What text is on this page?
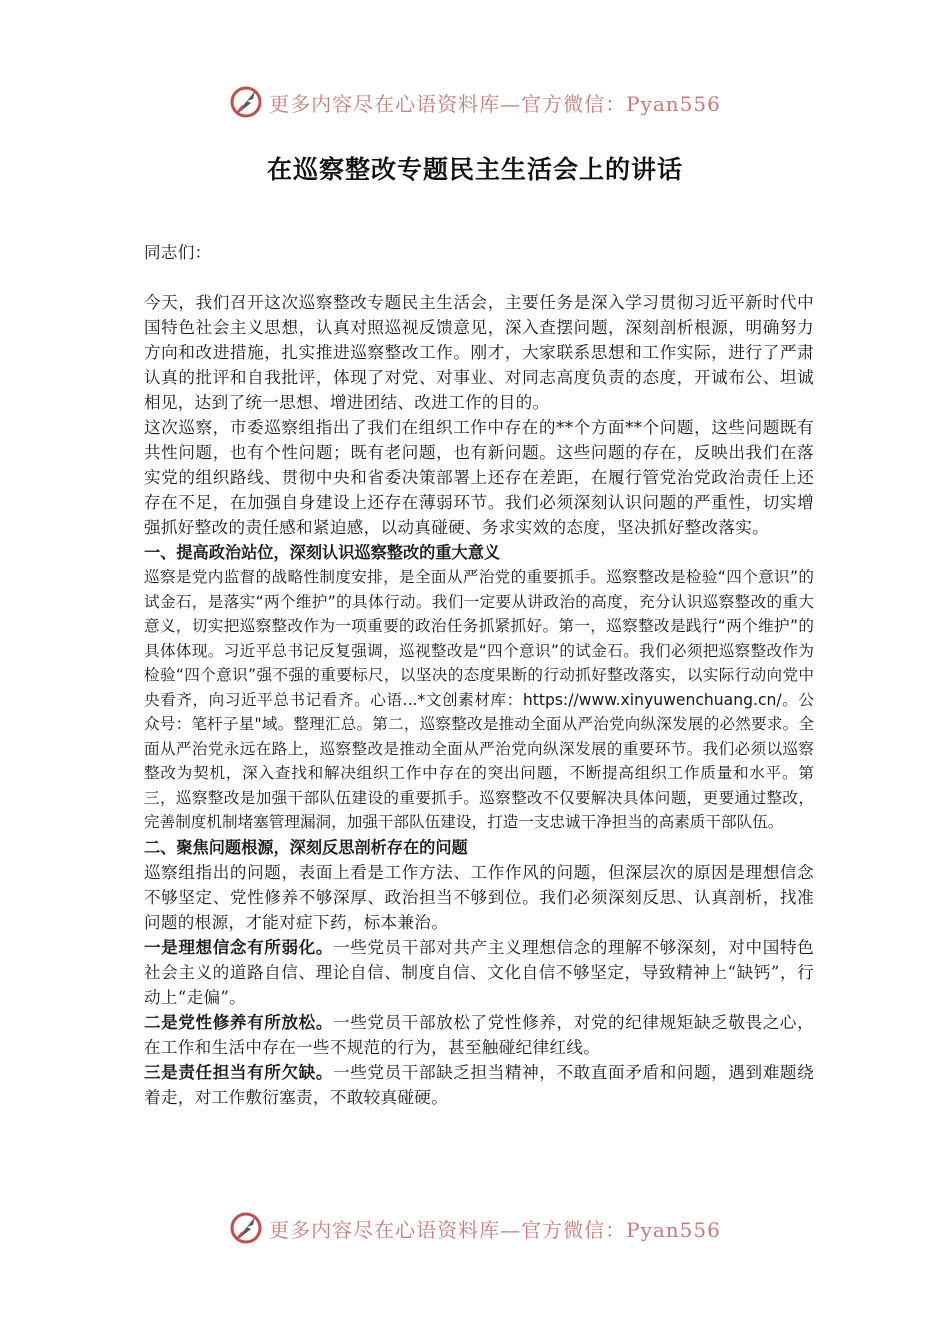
更多内容尽在心语资料库—官方微信：Pyan556
在巡察整改专题民主生活会上的讲话

同志们：

今天，我们召开这次巡察整改专题民主生活会，主要任务是深入学习贯彻习近平新时代中国特色社会主义思想，认真对照巡视反馈意见，深入查摆问题，深刻剖析根源，明确努力方向和改进措施，扎实推进巡察整改工作。刚才，大家联系思想和工作实际，进行了严肃认真的批评和自我批评，体现了对党、对事业、对同志高度负责的态度，开诚布公、坦诚相见，达到了统一思想、增进团结、改进工作的目的。

这次巡察，市委巡察组指出了我们在组织工作中存在的**个方面**个问题，这些问题既有共性问题，也有个性问题；既有老问题，也有新问题。这些问题的存在，反映出我们在落实党的组织路线、贯彻中央和省委决策部署上还存在差距，在履行管党治党政治责任上还存在不足，在加强自身建设上还存在薄弱环节。我们必须深刻认识问题的严重性，切实增强抓好整改的责任感和紧迫感，以动真碰硬、务求实效的态度，坚决抓好整改落实。

一、提高政治站位，深刻认识巡察整改的重大意义

巡察是党内监督的战略性制度安排，是全面从严治党的重要抓手。巡察整改是检验“四个意识”的试金石，是落实“两个维护”的具体行动。我们一定要从讲政治的高度，充分认识巡察整改的重大意义，切实把巡察整改作为一项重要的政治任务抓紧抓好。第一，巡察整改是践行“两个维护”的具体体现。习近平总书记反复强调，巡视整改是“四个意识”的试金石。我们必须把巡察整改作为检验“四个意识”强不强的重要标尺，以坚决的态度果断的行动抓好整改落实，以实际行动向党中央看齐，向习近平总书记看齐。心语...*文创素材库：https://www.xinyuwenchuang.cn/。公众号：笔杆子星"域。整理汇总。第二，巡察整改是推动全面从严治党向纵深发展的必然要求。全面从严治党永远在路上，巡察整改是推动全面从严治党向纵深发展的重要环节。我们必须以巡察整改为契机，深入查找和解决组织工作中存在的突出问题，不断提高组织工作质量和水平。第三，巡察整改是加强干部队伍建设的重要抓手。巡察整改不仅要解决具体问题，更要通过整改，完善制度机制堵塞管理漏洞，加强干部队伍建设，打造一支忠诚干净担当的高素质干部队伍。

二、聚焦问题根源，深刻反思剖析存在的问题

巡察组指出的问题，表面上看是工作方法、工作作风的问题，但深层次的原因是理想信念不够坚定、党性修养不够深厚、政治担当不够到位。我们必须深刻反思、认真剖析，找准问题的根源，才能对症下药，标本兼治。

一是理想信念有所弱化。一些党员干部对共产主义理想信念的理解不够深刻，对中国特色社会主义的道路自信、理论自信、制度自信、文化自信不够坚定，导致精神上“缺钙”，行动上“走偏”。

二是党性修养有所放松。一些党员干部放松了党性修养，对党的纪律规矩缺乏敬畏之心，在工作和生活中存在一些不规范的行为，甚至触碰纪律红线。

三是责任担当有所欠缺。一些党员干部缺乏担当精神，不敢直面矛盾和问题，遇到难题绕着走，对工作敷衍塞责，不敢较真碰硬。

更多内容尽在心语资料库—官方微信：Pyan556
